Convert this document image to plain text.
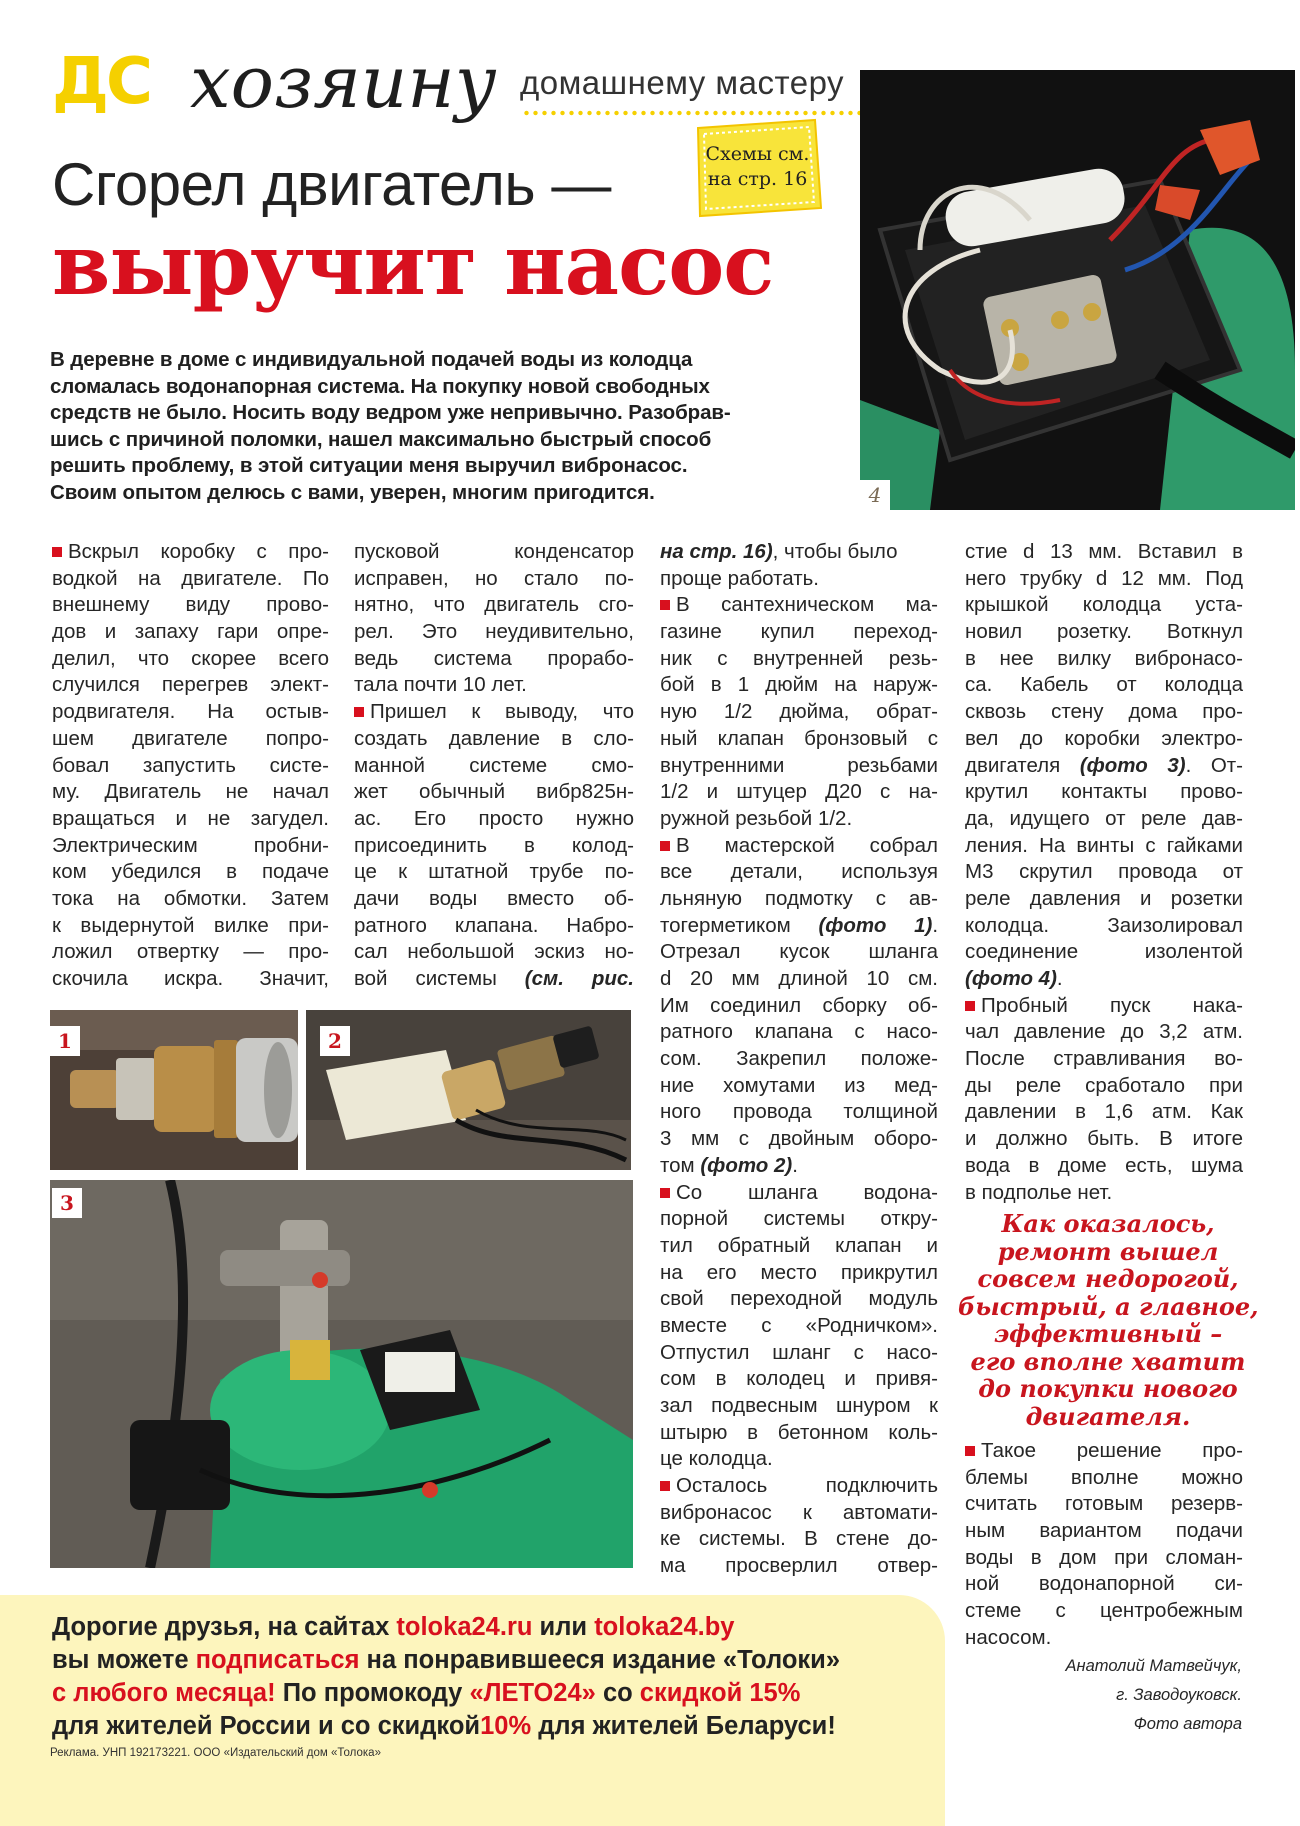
ДС хозяину домашнему мастеру
Сгорел двигатель —
выручит насос
Схемы см.
на стр. 16
4

В деревне в доме с индивидуальной подачей воды из колодца

сломалась водонапорная система. На покупку новой свободных

средств не было. Носить воду ведром уже непривычно. Разобрав-

шись с причиной поломки, нашел максимально быстрый способ

решить проблему, в этой ситуации меня выручил вибронасос.

Своим опытом делюсь с вами, уверен, многим пригодится.

Вскрыл коробку с про-
водкой на двигателе. По
внешнему виду прово-
дов и запаху гари опре-
делил, что скорее всего
случился перегрев элект-
родвигателя. На остыв-
шем двигателе попро-
бовал запустить систе-
му. Двигатель не начал
вращаться и не загудел.
Электрическим пробни-
ком убедился в подаче
тока на обмотки. Затем
к выдернутой вилке при-
ложил отвертку — про-
скочила искра. Значит,
пусковой конденсатор
исправен, но стало по-
нятно, что двигатель сго-
рел. Это неудивительно,
ведь система прорабо-
тала почти 10 лет.
Пришел к выводу, что
создать давление в сло-
манной системе смо-
жет обычный вибр825н-
ас. Его просто нужно
присоединить в колод-
це к штатной трубе по-
дачи воды вместо об-
ратного клапана. Набро-
сал небольшой эскиз но-
вой системы (см. рис.
на стр. 16), чтобы было
проще работать.
В сантехническом ма-
газине купил переход-
ник с внутренней резь-
бой в 1 дюйм на наруж-
ную 1/2 дюйма, обрат-
ный клапан бронзовый с
внутренними резьбами
1/2 и штуцер Д20 с на-
ружной резьбой 1/2.
В мастерской собрал
все детали, используя
льняную подмотку с ав-
тогерметиком (фото 1).
Отрезал кусок шланга
d 20 мм длиной 10 см.
Им соединил сборку об-
ратного клапана с насо-
сом. Закрепил положе-
ние хомутами из мед-
ного провода толщиной
3 мм с двойным оборо-
том (фото 2).
Со шланга водона-
порной системы откру-
тил обратный клапан и
на его место прикрутил
свой переходной модуль
вместе с «Родничком».
Отпустил шланг с насо-
сом в колодец и привя-
зал подвесным шнуром к
штырю в бетонном коль-
це колодца.
Осталось подключить
вибронасос к автомати-
ке системы. В стене до-
ма просверлил отвер-
стие d 13 мм. Вставил в
него трубку d 12 мм. Под
крышкой колодца уста-
новил розетку. Воткнул
в нее вилку вибронасо-
са. Кабель от колодца
сквозь стену дома про-
вел до коробки электро-
двигателя (фото 3). От-
крутил контакты прово-
да, идущего от реле дав-
ления. На винты с гайками
М3 скрутил провода от
реле давления и розетки
колодца. Заизолировал
соединение изолентой
(фото 4).
Пробный пуск нака-
чал давление до 3,2 атм.
После стравливания во-
ды реле сработало при
давлении в 1,6 атм. Как
и должно быть. В итоге
вода в доме есть, шума
в подполье нет.
Как оказалось,
ремонт вышел
совсем недорогой,
быстрый, а главное,
эффективный –
его вполне хватит
до покупки нового
двигателя.
Такое решение про-
блемы вполне можно
считать готовым резерв-
ным вариантом подачи
воды в дом при сломан-
ной водонапорной си-
стеме с центробежным
насосом.
Анатолий Матвейчук,
г. Заводоуковск.
Фото автора
1	2
3
Дорогие друзья, на сайтах toloka24.ru или toloka24.by
вы можете подписаться на понравившееся издание «Толоки»
с любого месяца! По промокоду «ЛЕТО24» со скидкой 15%
для жителей России и со скидкой10% для жителей Беларуси!
Реклама. УНП 192173221. ООО «Издательский дом «Толока»
